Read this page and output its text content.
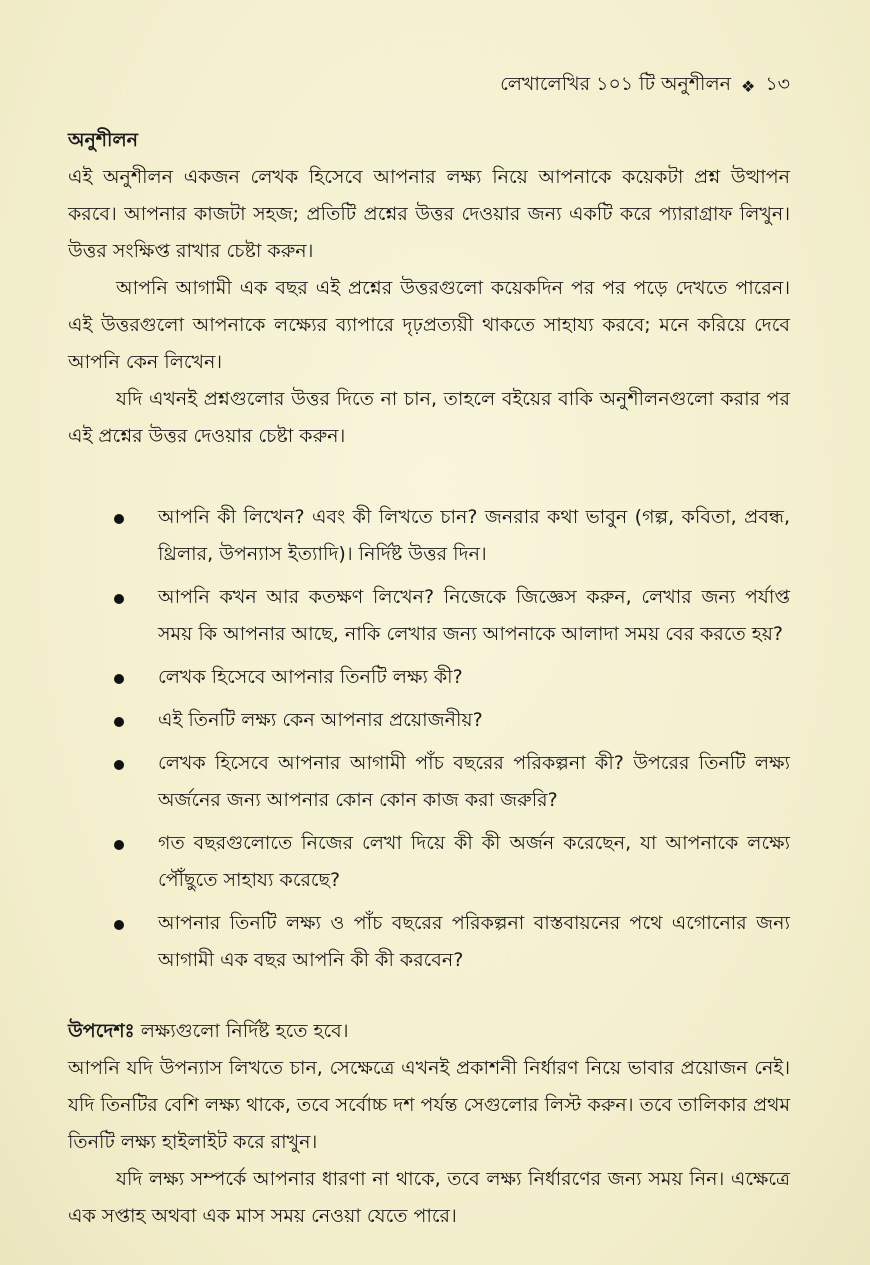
লেখালেখির ১০১ টি অনুশীলন ❖ ১৩

অনুশীলন

এই অনুশীলন একজন লেখক হিসেবে আপনার লক্ষ্য নিয়ে আপনাকে কয়েকটা প্রশ্ন উত্থাপন করবে। আপনার কাজটা সহজ; প্রতিটি প্রশ্নের উত্তর দেওয়ার জন্য একটি করে প্যারাগ্রাফ লিখুন। উত্তর সংক্ষিপ্ত রাখার চেষ্টা করুন।

আপনি আগামী এক বছর এই প্রশ্নের উত্তরগুলো কয়েকদিন পর পর পড়ে দেখতে পারেন। এই উত্তরগুলো আপনাকে লক্ষ্যের ব্যাপারে দৃঢ়প্রত্যয়ী থাকতে সাহায্য করবে; মনে করিয়ে দেবে আপনি কেন লিখেন।

যদি এখনই প্রশ্নগুলোর উত্তর দিতে না চান, তাহলে বইয়ের বাকি অনুশীলনগুলো করার পর এই প্রশ্নের উত্তর দেওয়ার চেষ্টা করুন।

আপনি কী লিখেন? এবং কী লিখতে চান? জনরার কথা ভাবুন (গল্প, কবিতা, প্রবন্ধ, থ্রিলার, উপন্যাস ইত্যাদি)। নির্দিষ্ট উত্তর দিন।
আপনি কখন আর কতক্ষণ লিখেন? নিজেকে জিজ্ঞেস করুন, লেখার জন্য পর্যাপ্ত সময় কি আপনার আছে, নাকি লেখার জন্য আপনাকে আলাদা সময় বের করতে হয়?
লেখক হিসেবে আপনার তিনটি লক্ষ্য কী?
এই তিনটি লক্ষ্য কেন আপনার প্রয়োজনীয়?
লেখক হিসেবে আপনার আগামী পাঁচ বছরের পরিকল্পনা কী? উপরের তিনটি লক্ষ্য অর্জনের জন্য আপনার কোন কোন কাজ করা জরুরি?
গত বছরগুলোতে নিজের লেখা দিয়ে কী কী অর্জন করেছেন, যা আপনাকে লক্ষ্যে পৌঁছুতে সাহায্য করেছে?
আপনার তিনটি লক্ষ্য ও পাঁচ বছরের পরিকল্পনা বাস্তবায়নের পথে এগোনোর জন্য আগামী এক বছর আপনি কী কী করবেন?

উপদেশঃ লক্ষ্যগুলো নির্দিষ্ট হতে হবে।

আপনি যদি উপন্যাস লিখতে চান, সেক্ষেত্রে এখনই প্রকাশনী নির্ধারণ নিয়ে ভাবার প্রয়োজন নেই। যদি তিনটির বেশি লক্ষ্য থাকে, তবে সর্বোচ্চ দশ পর্যন্ত সেগুলোর লিস্ট করুন। তবে তালিকার প্রথম তিনটি লক্ষ্য হাইলাইট করে রাখুন।

যদি লক্ষ্য সম্পর্কে আপনার ধারণা না থাকে, তবে লক্ষ্য নির্ধারণের জন্য সময় নিন। এক্ষেত্রে এক সপ্তাহ অথবা এক মাস সময় নেওয়া যেতে পারে।
